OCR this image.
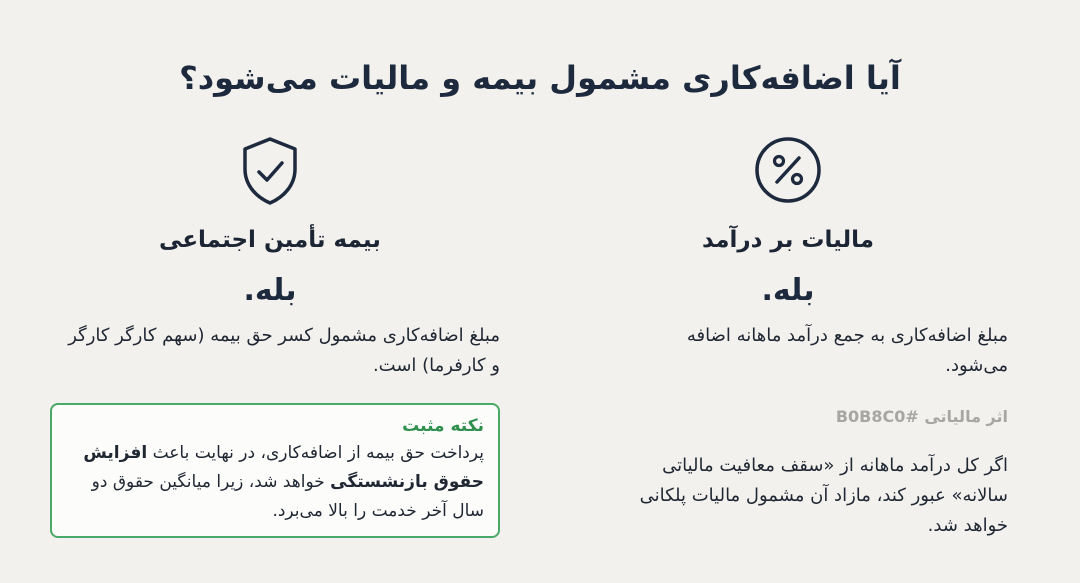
آیا اضافه‌کاری مشمول بیمه و مالیات می‌شود؟
مالیات بر درآمد
بله.
مبلغ اضافه‌کاری به جمع درآمد ماهانه اضافه می‌شود.
اثر مالیاتی #B0B8C0
اگر کل درآمد ماهانه از «سقف معافیت مالیاتی سالانه» عبور کند، مازاد آن مشمول مالیات پلکانی خواهد شد.
بیمه تأمین اجتماعی
بله.
مبلغ اضافه‌کاری مشمول کسر حق بیمه (سهم کارگر کارگر و کارفرما) است.
نکته مثبت
پرداخت حق بیمه از اضافه‌کاری، در نهایت باعث افزایش حقوق بازنشستگی خواهد شد، زیرا میانگین حقوق دو سال آخر خدمت را بالا می‌برد.
